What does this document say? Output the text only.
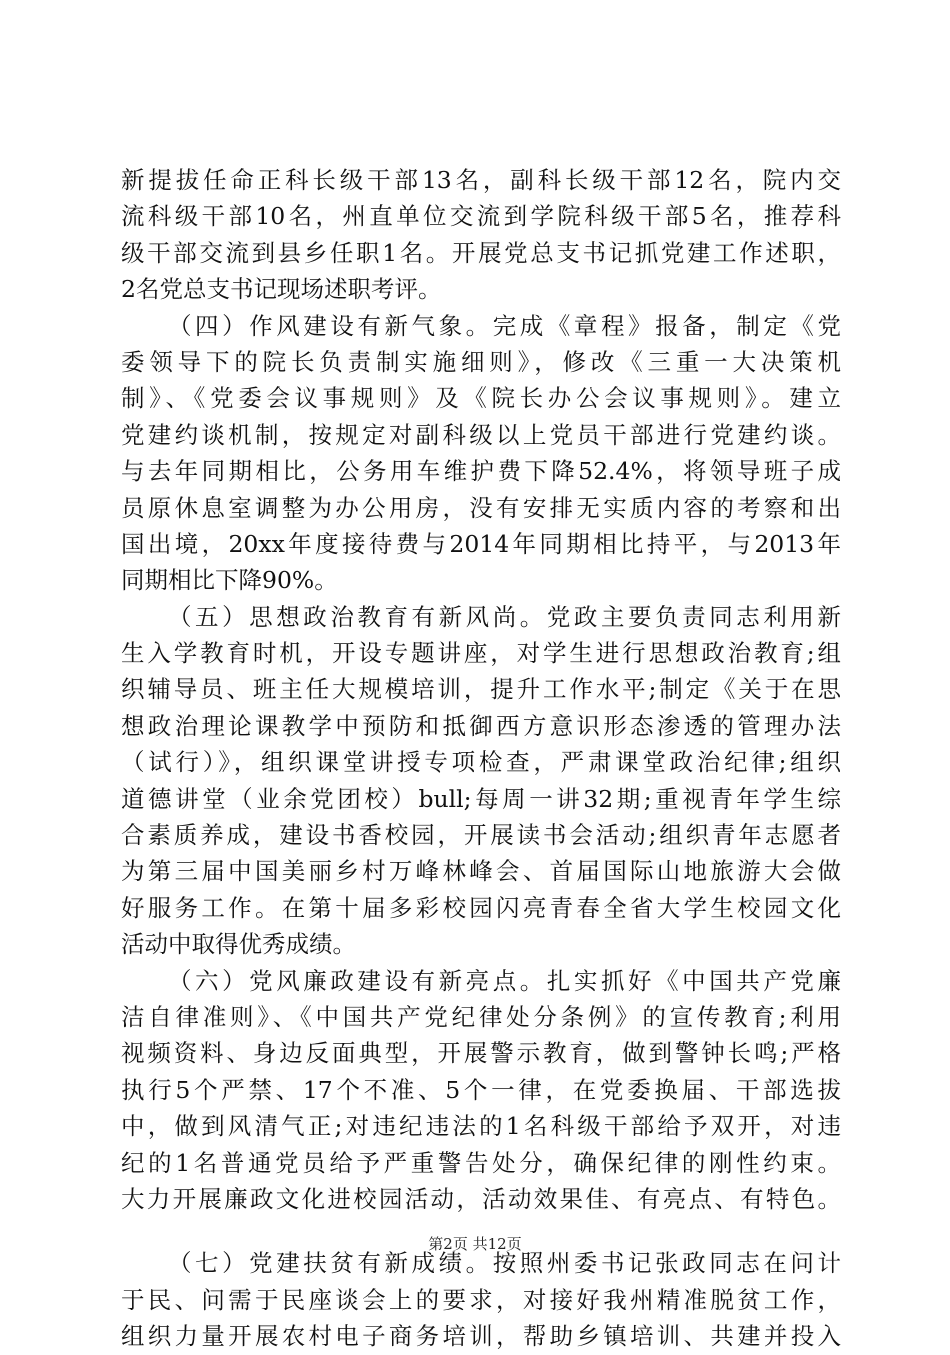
新提拔任命正科长级干部13名，副科长级干部12名，院内交
流科级干部10名，州直单位交流到学院科级干部5名，推荐科
级干部交流到县乡任职1名。开展党总支书记抓党建工作述职，
2名党总支书记现场述职考评。
（四）作风建设有新气象。完成《章程》报备，制定《党
委领导下的院长负责制实施细则》，修改《三重一大决策机
制》、《党委会议事规则》及《院长办公会议事规则》。建立
党建约谈机制，按规定对副科级以上党员干部进行党建约谈。
与去年同期相比，公务用车维护费下降52.4%，将领导班子成
员原休息室调整为办公用房，没有安排无实质内容的考察和出
国出境，20xx年度接待费与2014年同期相比持平，与2013年
同期相比下降90%。
（五）思想政治教育有新风尚。党政主要负责同志利用新
生入学教育时机，开设专题讲座，对学生进行思想政治教育;组
织辅导员、班主任大规模培训，提升工作水平;制定《关于在思
想政治理论课教学中预防和抵御西方意识形态渗透的管理办法
（试行）》，组织课堂讲授专项检查，严肃课堂政治纪律;组织
道德讲堂（业余党团校）bull;每周一讲32期;重视青年学生综
合素质养成，建设书香校园，开展读书会活动;组织青年志愿者
为第三届中国美丽乡村万峰林峰会、首届国际山地旅游大会做
好服务工作。在第十届多彩校园闪亮青春全省大学生校园文化
活动中取得优秀成绩。
（六）党风廉政建设有新亮点。扎实抓好《中国共产党廉
洁自律准则》、《中国共产党纪律处分条例》的宣传教育;利用
视频资料、身边反面典型，开展警示教育，做到警钟长鸣;严格
执行5个严禁、17个不准、5个一律，在党委换届、干部选拔
中，做到风清气正;对违纪违法的1名科级干部给予双开，对违
纪的1名普通党员给予严重警告处分，确保纪律的刚性约束。
大力开展廉政文化进校园活动，活动效果佳、有亮点、有特色。
（七）党建扶贫有新成绩。按照州委书记张政同志在问计
于民、问需于民座谈会上的要求，对接好我州精准脱贫工作，
组织力量开展农村电子商务培训，帮助乡镇培训、共建并投入
第2页 共12页
